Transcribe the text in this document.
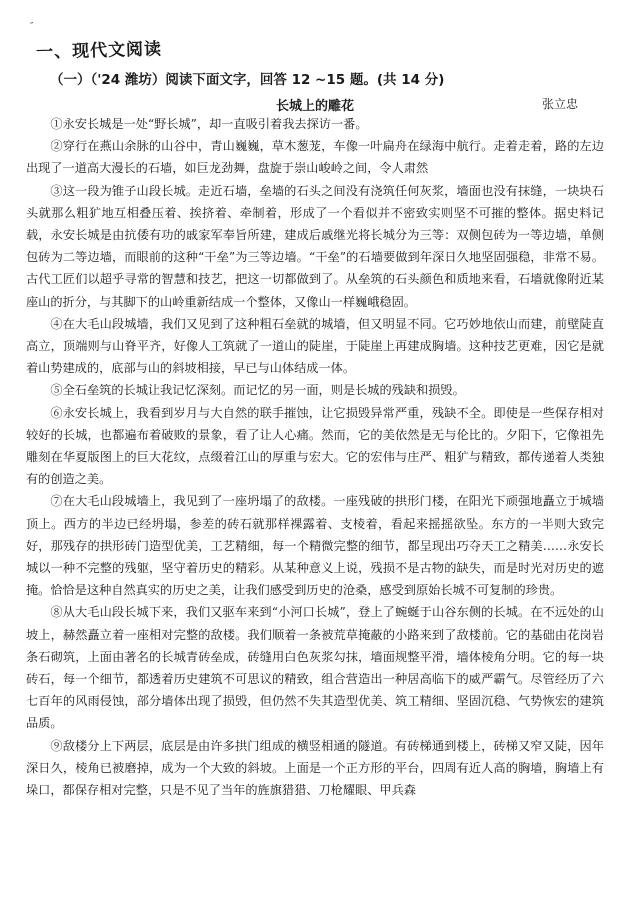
″
一、现代文阅读
（一）（'24 潍坊）阅读下面文字，回答 12 ~15 题。(共 14 分)
长城上的雕花	张立忠

①永安长城是一处“野长城”，却一直吸引着我去探访一番。

②穿行在燕山余脉的山谷中，青山巍巍，草木葱茏，车像一叶扁舟在绿海中航行。走着走着，路的左边出现了一道高大漫长的石墙，如巨龙劲舞，盘旋于崇山峻岭之间，令人肃然

③这一段为锥子山段长城。走近石墙，垒墙的石头之间没有浇筑任何灰浆，墙面也没有抹缝，一块块石头就那么粗犷地互相叠压着、挨挤着、牵制着，形成了一个看似并不密致实则坚不可摧的整体。据史料记载，永安长城是由抗倭有功的戚家军奉旨所建，建成后戚继光将长城分为三等：双侧包砖为一等边墙，单侧包砖为二等边墙，而眼前的这种“干垒”为三等边墙。“干垒”的石墙要做到年深日久地坚固强稳，非常不易。古代工匠们以超乎寻常的智慧和技艺，把这一切都做到了。从垒筑的石头颜色和质地来看，石墙就像附近某座山的折分，与其脚下的山岭重新结成一个整体，又像山一样巍峨稳固。

④在大毛山段城墙，我们又见到了这种粗石垒就的城墙，但又明显不同。它巧妙地依山而建，前壁陡直高立，顶端则与山脊平齐，好像人工筑就了一道山的陡崖，于陡崖上再建成胸墙。这种技艺更难，因它是就着山势建成的，底部与山的斜坡相接，早已与山体结成一体。

⑤全石垒筑的长城让我记忆深刻。而记忆的另一面，则是长城的残缺和损毁。

⑥永安长城上，我看到岁月与大自然的联手摧蚀，让它损毁异常严重，残缺不全。即使是一些保存相对较好的长城，也都遍布着破败的景象，看了让人心痛。然而，它的美依然是无与伦比的。夕阳下，它像祖先雕刻在华夏版图上的巨大花纹，点缀着江山的厚重与宏大。它的宏伟与庄严、粗犷与精致，都传递着人类独有的创造之美。

⑦在大毛山段城墙上，我见到了一座坍塌了的敌楼。一座残破的拱形门楼，在阳光下顽强地矗立于城墙顶上。西方的半边已经坍塌，参差的砖石就那样裸露着、支棱着，看起来摇摇欲坠。东方的一半则大致完好，那残存的拱形砖门造型优美，工艺精细，每一个精微完整的细节，都呈现出巧夺天工之精美……永安长城以一种不完整的残躯，坚守着历史的精彩。从某种意义上说，残损不是古物的缺失，而是时光对历史的遮掩。恰恰是这种自然真实的历史之美，让我们感受到历史的沧桑，感受到原始长城不可复制的珍贵。

⑧从大毛山段长城下来，我们又驱车来到“小河口长城”，登上了蜿蜒于山谷东侧的长城。在不远处的山坡上，赫然矗立着一座相对完整的敌楼。我们顺着一条被荒草掩蔽的小路来到了敌楼前。它的基础由花岗岩条石砌筑，上面由著名的长城青砖垒成，砖缝用白色灰浆勾抹，墙面规整平滑，墙体棱角分明。它的每一块砖石，每一个细节，都透着历史建筑不可思议的精致，组合营造出一种居高临下的威严霸气。尽管经历了六七百年的风雨侵蚀，部分墙体出现了损毁，但仍然不失其造型优美、筑工精细、坚固沉稳、气势恢宏的建筑品质。

⑨敌楼分上下两层，底层是由许多拱门组成的横竖相通的隧道。有砖梯通到楼上，砖梯又窄又陡，因年深日久，棱角已被磨掉，成为一个大致的斜坡。上面是一个正方形的平台，四周有近人高的胸墙，胸墙上有垛口，都保存相对完整，只是不见了当年的旌旗猎猎、刀枪耀眼、甲兵森
